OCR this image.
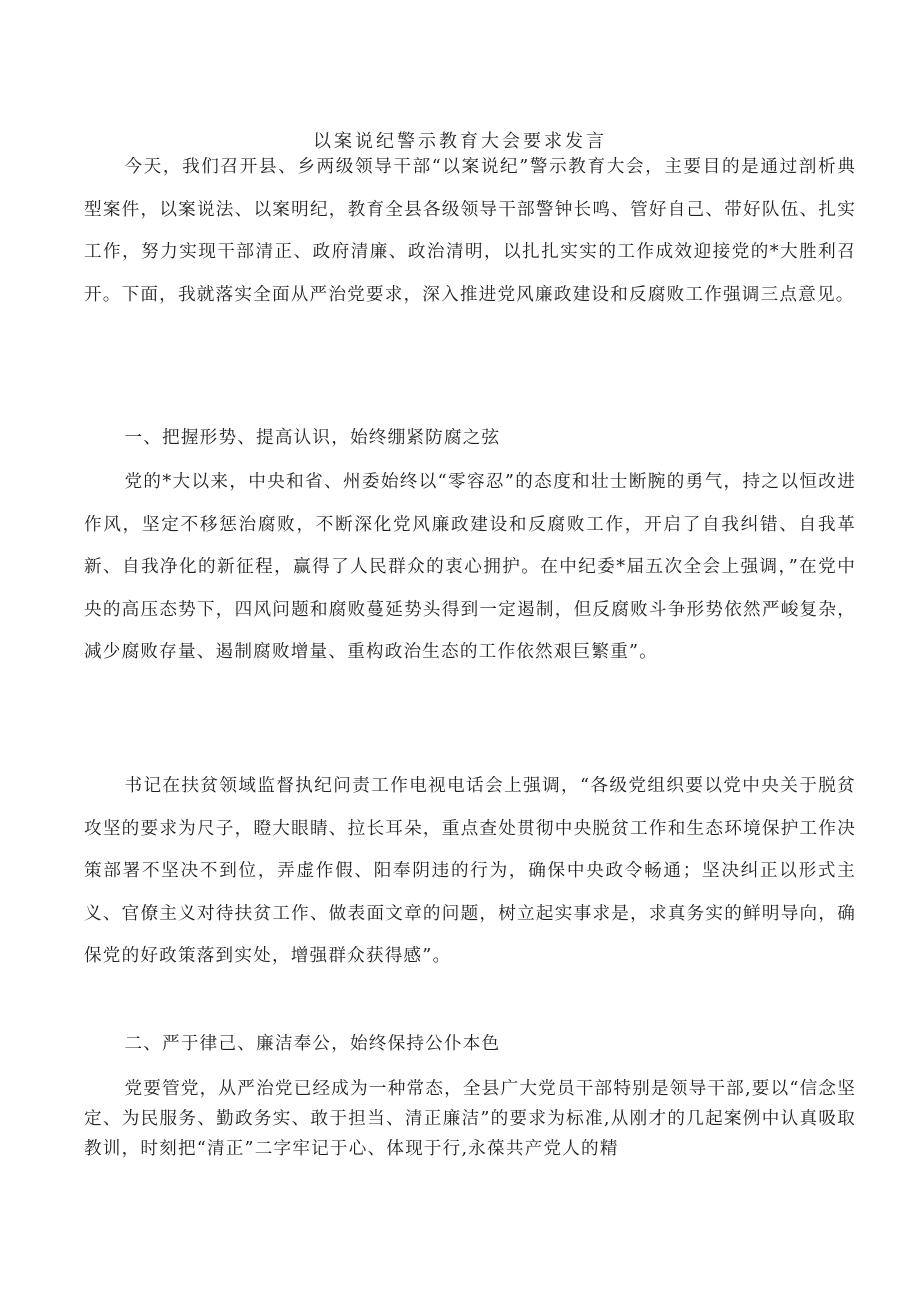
以案说纪警示教育大会要求发言

今天，我们召开县、乡两级领导干部“以案说纪”警示教育大会，主要目的是通过剖析典型案件，以案说法、以案明纪，教育全县各级领导干部警钟长鸣、管好自己、带好队伍、扎实工作，努力实现干部清正、政府清廉、政治清明，以扎扎实实的工作成效迎接党的*大胜利召开。下面，我就落实全面从严治党要求，深入推进党风廉政建设和反腐败工作强调三点意见。

一、把握形势、提高认识，始终绷紧防腐之弦

党的*大以来，中央和省、州委始终以“零容忍”的态度和壮士断腕的勇气，持之以恒改进作风，坚定不移惩治腐败，不断深化党风廉政建设和反腐败工作，开启了自我纠错、自我革新、自我净化的新征程，赢得了人民群众的衷心拥护。在中纪委*届五次全会上强调，”在党中央的高压态势下，四风问题和腐败蔓延势头得到一定遏制，但反腐败斗争形势依然严峻复杂，减少腐败存量、遏制腐败增量、重构政治生态的工作依然艰巨繁重”。

书记在扶贫领域监督执纪问责工作电视电话会上强调，“各级党组织要以党中央关于脱贫攻坚的要求为尺子，瞪大眼睛、拉长耳朵，重点查处贯彻中央脱贫工作和生态环境保护工作决策部署不坚决不到位，弄虚作假、阳奉阴违的行为，确保中央政令畅通；坚决纠正以形式主义、官僚主义对待扶贫工作、做表面文章的问题，树立起实事求是，求真务实的鲜明导向，确保党的好政策落到实处，增强群众获得感”。

二、严于律己、廉洁奉公，始终保持公仆本色

党要管党，从严治党已经成为一种常态，全县广大党员干部特别是领导干部,要以“信念坚定、为民服务、勤政务实、敢于担当、清正廉洁”的要求为标准,从刚才的几起案例中认真吸取教训，时刻把“清正”二字牢记于心、体现于行,永葆共产党人的精
